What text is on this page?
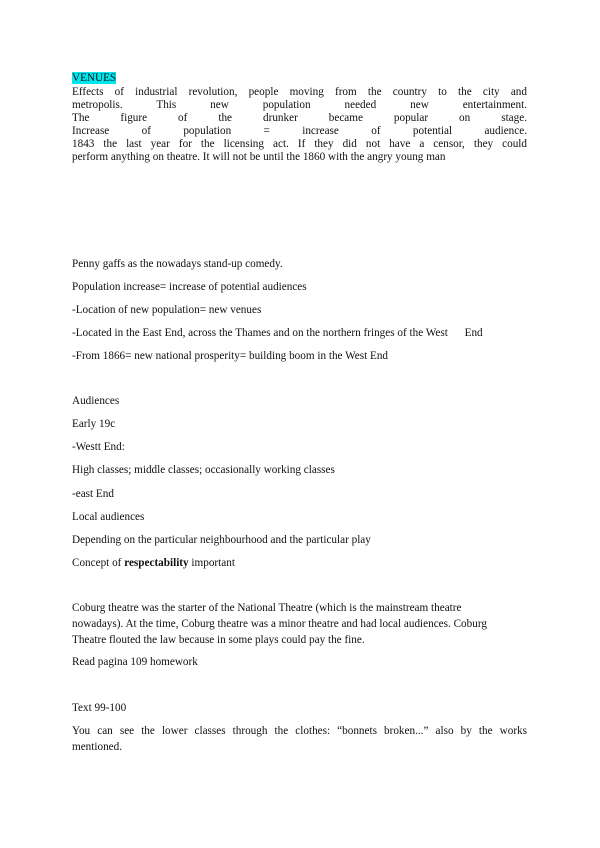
VENUES

Effects of industrial revolution, people moving from the country to the city and

metropolis. This new population needed new entertainment.

The figure of the drunker became popular on stage.

Increase of population = increase of potential audience.

1843 the last year for the licensing act. If they did not have a censor, they could

perform anything on theatre. It will not be until the 1860 with the angry young man

Penny gaffs as the nowadays stand-up comedy.

Population increase= increase of potential audiences

-Location of new population= new venues

-Located in the East End, across the Thames and on the northern fringes of the West      End

-From 1866= new national prosperity= building boom in the West End

Audiences

Early 19c

-Westt End:

High classes; middle classes; occasionally working classes

-east End

Local audiences

Depending on the particular neighbourhood and the particular play

Concept of respectability important

Coburg theatre was the starter of the National Theatre (which is the mainstream theatre

nowadays). At the time, Coburg theatre was a minor theatre and had local audiences. Coburg

Theatre flouted the law because in some plays could pay the fine.

Read pagina 109 homework

Text 99-100

You can see the lower classes through the clothes: “bonnets broken...” also by the works

mentioned.
